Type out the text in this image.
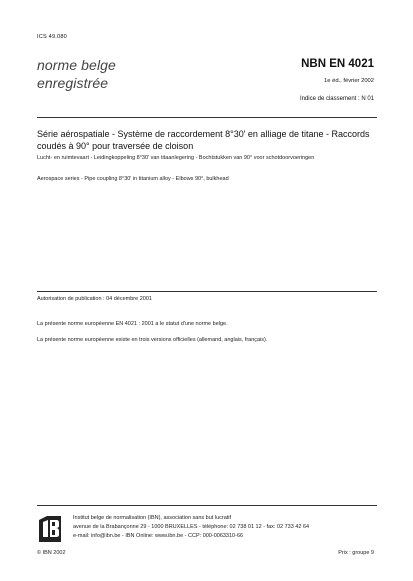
ICS 49.080
norme belge
enregistrée
NBN EN 4021
1e éd., février 2002
Indice de classement : N 01
Série aérospatiale - Système de raccordement 8°30' en alliage de titane - Raccords coudés à 90° pour traversée de cloison
Lucht- en ruimtevaart - Leidingkoppeling 8°30' van titaanlegering - Bochtstukken van 90° voor schotdoorvoeringen
Aerospace series - Pipe coupling 8°30' in titanium alloy - Elbows 90°, bulkhead
Autorisation de publication : 04 décembre 2001
La présente norme européenne EN 4021 : 2001 a le statut d'une norme belge.
La présente norme européenne existe en trois versions officielles (allemand, anglais, français).
Institut belge de normalisation (IBN), association sans but lucratif
avenue de la Brabançonne 29 - 1000 BRUXELLES - téléphone: 02 738 01 12 - fax: 02 733 42 64
e-mail: info@ibn.be - IBN Online: www.ibn.be - CCP: 000-0063310-66
© IBN 2002	Prix : groupe 9
